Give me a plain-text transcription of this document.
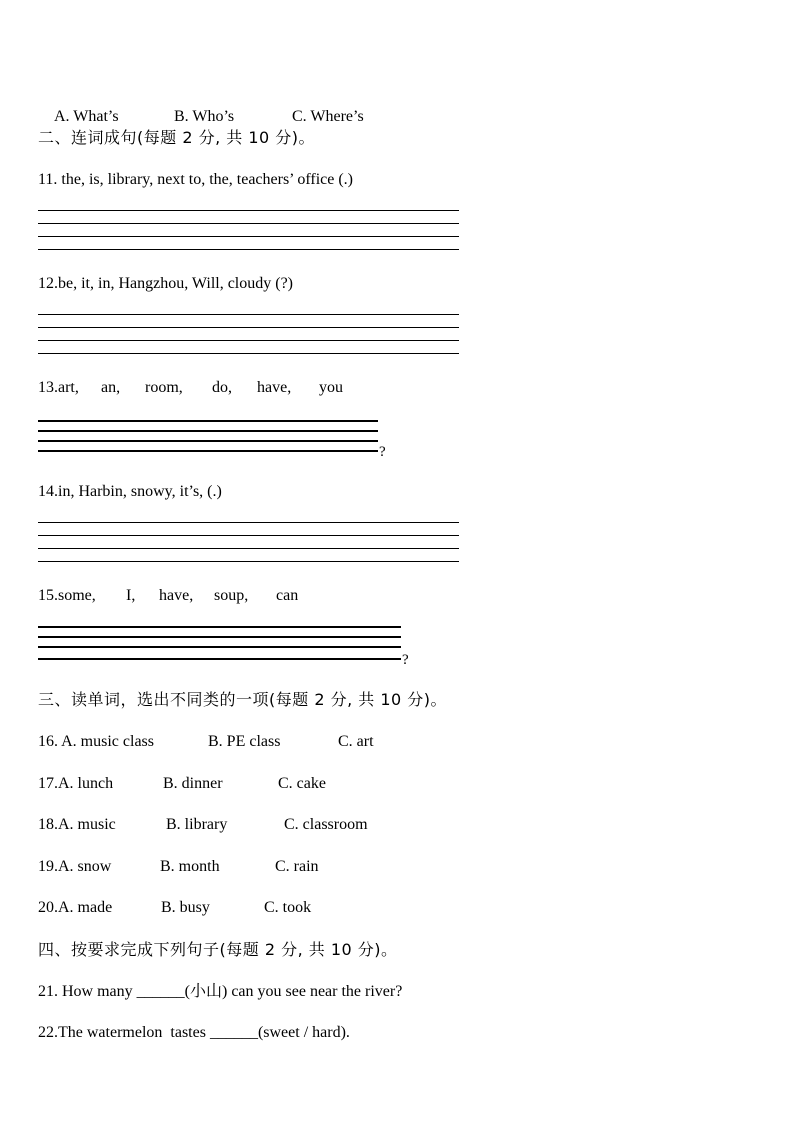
A. What’s	B. Who’s	C. Where’s

二、连词成句(每题 2 分, 共 10 分)。
11. the, is, library, next to, the, teachers’ office (.)
12.be, it, in, Hangzhou, Will, cloudy (?)
13.art, an, room, do, have, you
?
14.in, Harbin, snowy, it’s, (.)
15.some, I, have, soup, can
?
三、读单词，选出不同类的一项(每题 2 分, 共 10 分)。
16. A. music class	B. PE class	C. art
17.A. lunch	B. dinner	C. cake
18.A. music	B. library	C. classroom
19.A. snow	B. month	C. rain
20.A. made	B. busy	C. took
四、按要求完成下列句子(每题 2 分, 共 10 分)。
21. How many ______(小山) can you see near the river?
22.The watermelon  tastes ______(sweet / hard).
